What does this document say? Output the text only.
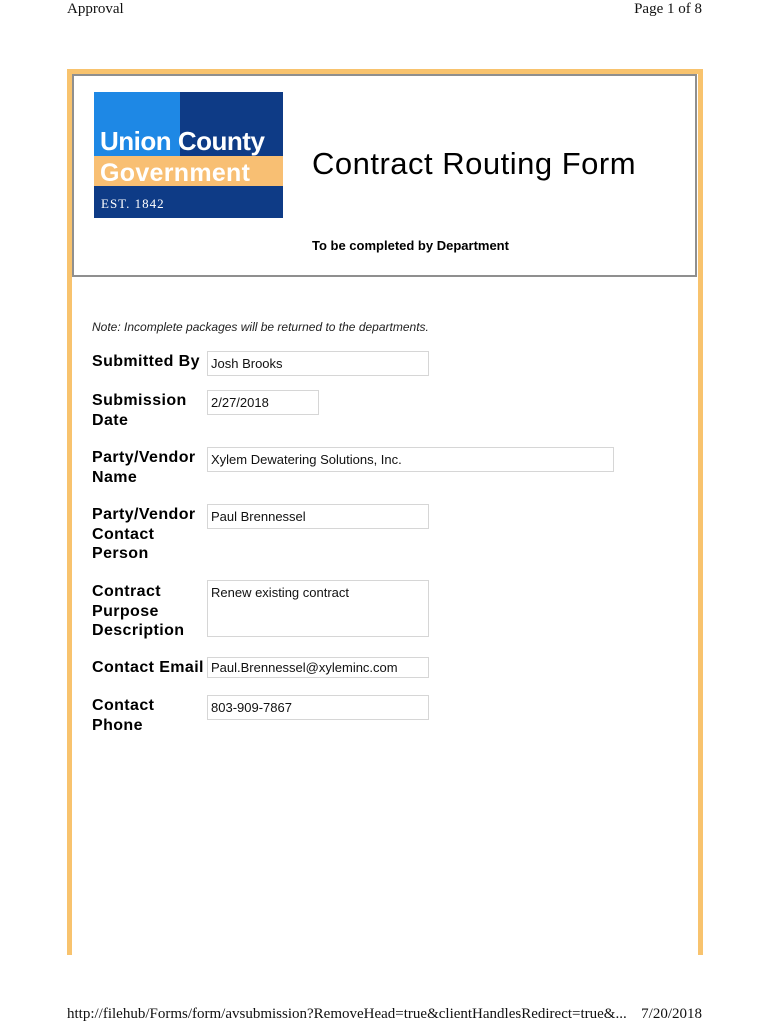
Approval	Page 1 of 8
Union County
Government
EST. 1842
Contract Routing Form
To be completed by Department
Note: Incomplete packages will be returned to the departments.
Submitted By Josh Brooks
Submission Date
2/27/2018
Party/Vendor Name
Xylem Dewatering Solutions, Inc.
Party/Vendor Contact Person
Paul Brennessel
Contract Purpose Description
Renew existing contract
Contact Email Paul.Brennessel@xyleminc.com
Contact Phone
803-909-7867
http://filehub/Forms/form/avsubmission?RemoveHead=true&clientHandlesRedirect=true&... 7/20/2018
